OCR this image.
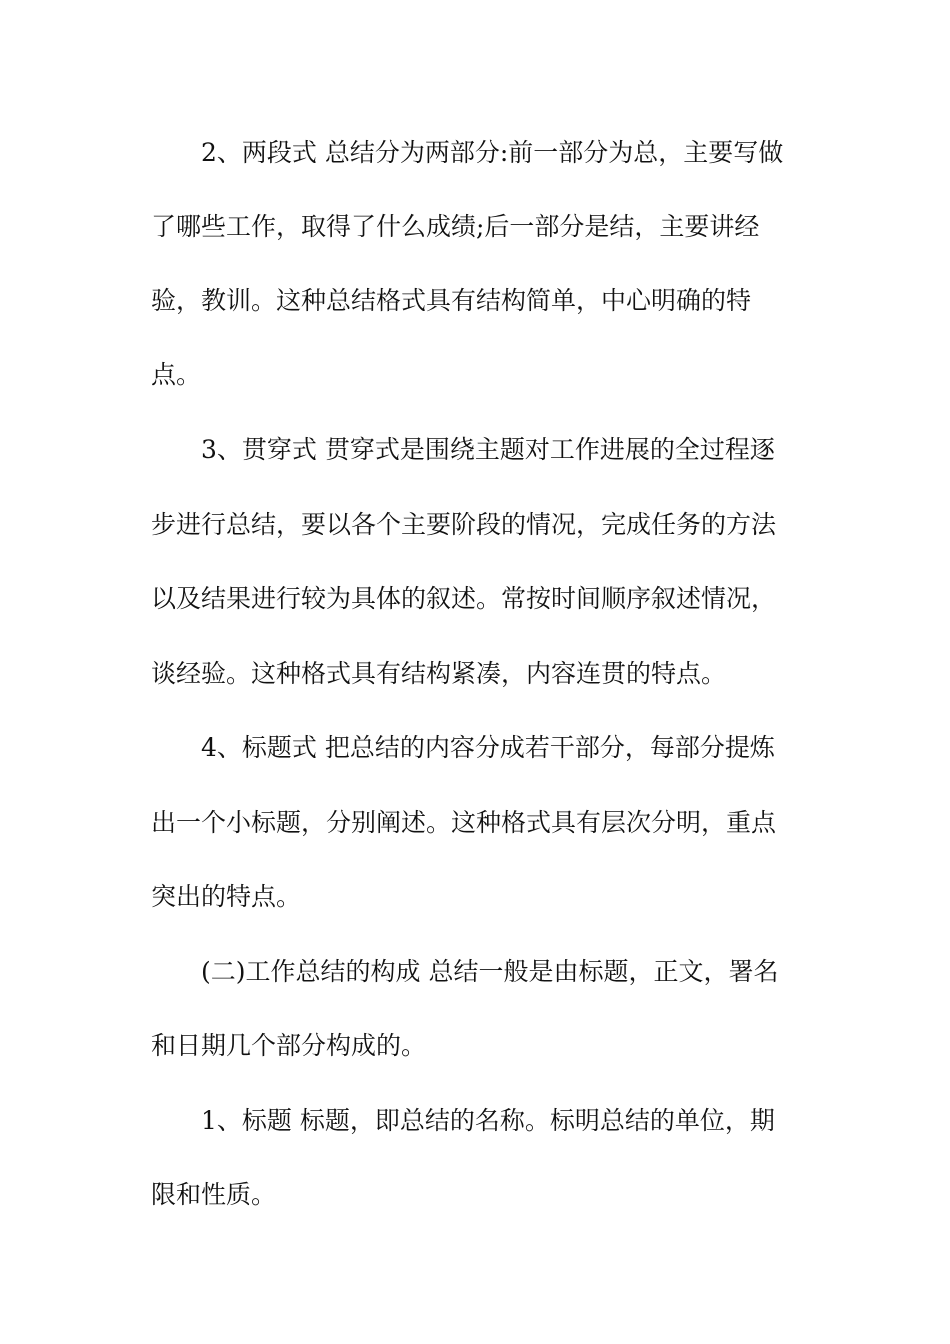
2、两段式 总结分为两部分:前一部分为总，主要写做
了哪些工作，取得了什么成绩;后一部分是结，主要讲经
验，教训。这种总结格式具有结构简单，中心明确的特
点。
3、贯穿式 贯穿式是围绕主题对工作进展的全过程逐
步进行总结，要以各个主要阶段的情况，完成任务的方法
以及结果进行较为具体的叙述。常按时间顺序叙述情况，
谈经验。这种格式具有结构紧凑，内容连贯的特点。
4、标题式 把总结的内容分成若干部分，每部分提炼
出一个小标题，分别阐述。这种格式具有层次分明，重点
突出的特点。
(二)工作总结的构成 总结一般是由标题，正文，署名
和日期几个部分构成的。
1、标题 标题，即总结的名称。标明总结的单位，期
限和性质。
